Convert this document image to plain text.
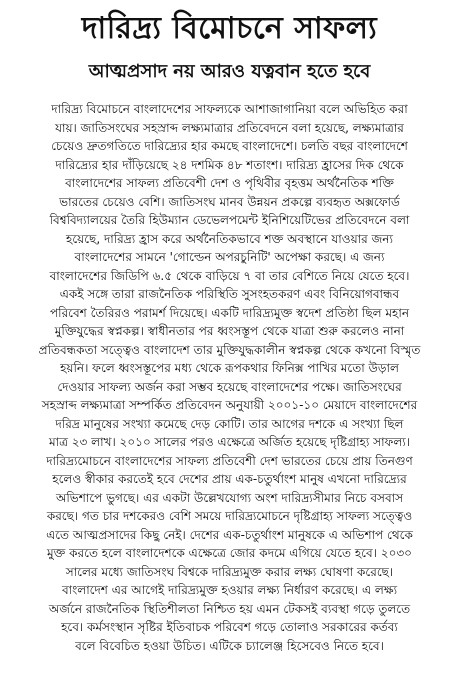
দারিদ্র্য বিমোচনে সাফল্য
আত্মপ্রসাদ নয় আরও যত্নবান হতে হবে
দারিদ্র্য বিমোচনে বাংলাদেশের সাফল্যকে আশাজাগানিয়া বলে অভিহিত করা
যায়। জাতিসংঘের সহস্রাব্দ লক্ষ্যমাত্রার প্রতিবেদনে বলা হয়েছে, লক্ষ্যমাত্রার
চেয়েও দ্রুতগতিতে দারিদ্র্যের হার কমছে বাংলাদেশে। চলতি বছর বাংলাদেশে
দারিদ্র্যের হার দাঁড়িয়েছে ২৪ দশমিক ৪৮ শতাংশ। দারিদ্র্য হ্রাসের দিক থেকে
বাংলাদেশের সাফল্য প্রতিবেশী দেশ ও পৃথিবীর বৃহত্তম অর্থনৈতিক শক্তি
ভারতের চেয়েও বেশি। জাতিসংঘ মানব উন্নয়ন প্রকল্পে ব্যবহৃত অক্সফোর্ড
বিশ্ববিদ্যালয়ের তৈরি হিউম্যান ডেভেলপমেন্ট ইনিশিয়েটিভের প্রতিবেদনে বলা
হয়েছে, দারিদ্র্য হ্রাস করে অর্থনৈতিকভাবে শক্ত অবস্থানে যাওয়ার জন্য
বাংলাদেশের সামনে 'গোল্ডেন অপরচুনিটি' অপেক্ষা করছে। এ জন্য
বাংলাদেশের জিডিপি ৬.৫ থেকে বাড়িয়ে ৭ বা তার বেশিতে নিয়ে যেতে হবে।
একই সঙ্গে তারা রাজনৈতিক পরিস্থিতি সুসংহতকরণ এবং বিনিয়োগবান্ধব
পরিবেশ তৈরিরও পরামর্শ দিয়েছে। একটি দারিদ্র্যমুক্ত স্বদেশ প্রতিষ্ঠা ছিল মহান
মুক্তিযুদ্ধের স্বপ্নকল্প। স্বাধীনতার পর ধ্বংসস্তূপ থেকে যাত্রা শুরু করলেও নানা
প্রতিবন্ধকতা সত্ত্বেও বাংলাদেশ তার মুক্তিযুদ্ধকালীন স্বপ্নকল্প থেকে কখনো বিস্মৃত
হয়নি। ফলে ধ্বংসস্তূপের মধ্য থেকে রূপকথার ফিনিক্স পাখির মতো উড়াল
দেওয়ার সাফল্য অর্জন করা সম্ভব হয়েছে বাংলাদেশের পক্ষে। জাতিসংঘের
সহস্রাব্দ লক্ষ্যমাত্রা সম্পর্কিত প্রতিবেদন অনুযায়ী ২০০১-১০ মেয়াদে বাংলাদেশের
দরিদ্র মানুষের সংখ্যা কমেছে দেড় কোটি। তার আগের দশকে এ সংখ্যা ছিল
মাত্র ২৩ লাখ। ২০১০ সালের পরও এক্ষেত্রে অর্জিত হয়েছে দৃষ্টিগ্রাহ্য সাফল্য।
দারিদ্র্যমোচনে বাংলাদেশের সাফল্য প্রতিবেশী দেশ ভারতের চেয়ে প্রায় তিনগুণ
হলেও স্বীকার করতেই হবে দেশের প্রায় এক-চতুর্থাংশ মানুষ এখনো দারিদ্র্যের
অভিশাপে ভুগছে। এর একটা উল্লেখযোগ্য অংশ দারিদ্র্যসীমার নিচে বসবাস
করছে। গত চার দশকেরও বেশি সময়ে দারিদ্র্যমোচনে দৃষ্টিগ্রাহ্য সাফল্য সত্ত্বেও
এতে আত্মপ্রসাদের কিছু নেই। দেশের এক-চতুর্থাংশ মানুষকে এ অভিশাপ থেকে
মুক্ত করতে হলে বাংলাদেশকে এক্ষেত্রে জোর কদমে এগিয়ে যেতে হবে। ২০৩০
সালের মধ্যে জাতিসংঘ বিশ্বকে দারিদ্র্যমুক্ত করার লক্ষ্য ঘোষণা করেছে।
বাংলাদেশ এর আগেই দারিদ্র্যমুক্ত হওয়ার লক্ষ্য নির্ধারণ করেছে। এ লক্ষ্য
অর্জনে রাজনৈতিক স্থিতিশীলতা নিশ্চিত হয় এমন টেকসই ব্যবস্থা গড়ে তুলতে
হবে। কর্মসংস্থান সৃষ্টির ইতিবাচক পরিবেশ গড়ে তোলাও সরকারের কর্তব্য
বলে বিবেচিত হওয়া উচিত। এটিকে চ্যালেঞ্জ হিসেবেও নিতে হবে।
